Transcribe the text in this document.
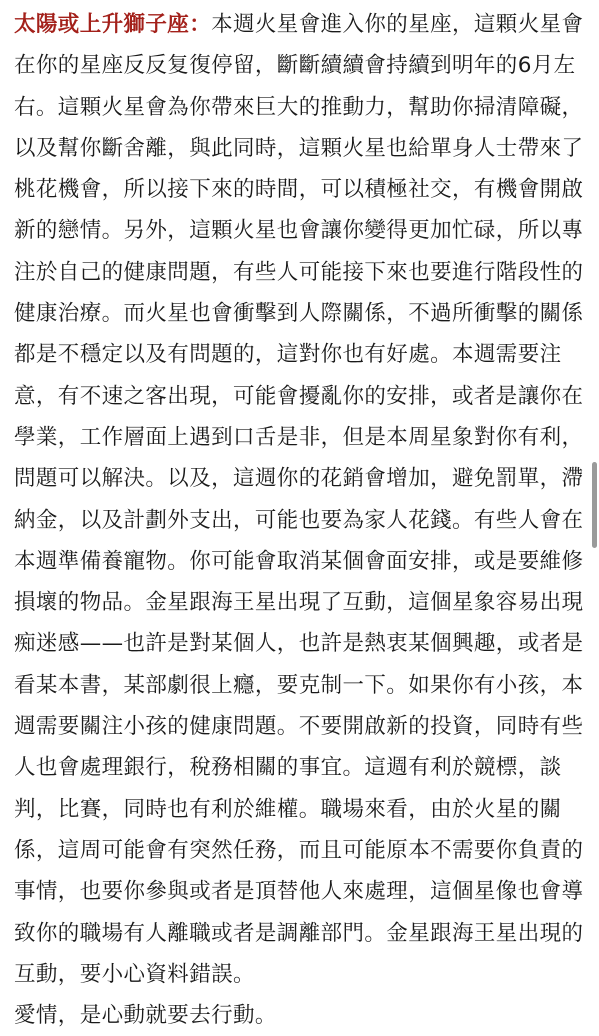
太陽或上升獅子座：本週火星會進入你的星座，這顆火星會
在你的星座反反复復停留，斷斷續續會持續到明年的6月左
右。這顆火星會為你帶來巨大的推動力，幫助你掃清障礙，
以及幫你斷舍離，與此同時，這顆火星也給單身人士帶來了
桃花機會，所以接下來的時間，可以積極社交，有機會開啟
新的戀情。另外，這顆火星也會讓你變得更加忙碌，所以專
注於自己的健康問題，有些人可能接下來也要進行階段性的
健康治療。而火星也會衝擊到人際關係，不過所衝擊的關係
都是不穩定以及有問題的，這對你也有好處。本週需要注
意，有不速之客出現，可能會擾亂你的安排，或者是讓你在
學業，工作層面上遇到口舌是非，但是本周星象對你有利，
問題可以解決。以及，這週你的花銷會增加，避免罰單，滯
納金，以及計劃外支出，可能也要為家人花錢。有些人會在
本週準備養寵物。你可能會取消某個會面安排，或是要維修
損壞的物品。金星跟海王星出現了互動，這個星象容易出現
痴迷感——也許是對某個人，也許是熱衷某個興趣，或者是
看某本書，某部劇很上癮，要克制一下。如果你有小孩，本
週需要關注小孩的健康問題。不要開啟新的投資，同時有些
人也會處理銀行，稅務相關的事宜。這週有利於競標，談
判，比賽，同時也有利於維權。職場來看，由於火星的關
係，這周可能會有突然任務，而且可能原本不需要你負責的
事情，也要你參與或者是頂替他人來處理，這個星像也會導
致你的職場有人離職或者是調離部門。金星跟海王星出現的
互動，要小心資料錯誤。
愛情，是心動就要去行動。
